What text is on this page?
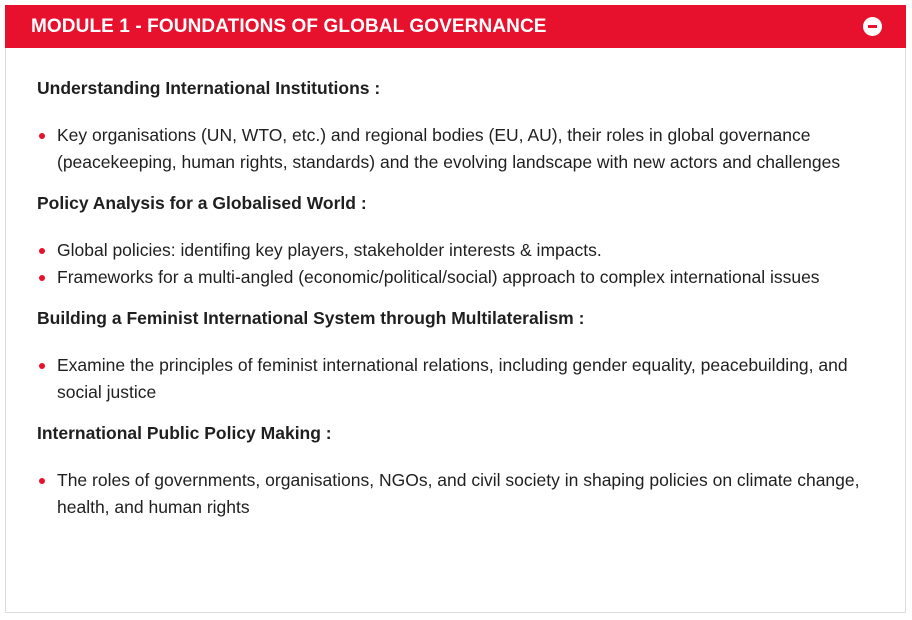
MODULE 1 - FOUNDATIONS OF GLOBAL GOVERNANCE

Understanding International Institutions :

Key organisations (UN, WTO, etc.) and regional bodies (EU, AU), their roles in global governance (peacekeeping, human rights, standards) and the evolving landscape with new actors and challenges

Policy Analysis for a Globalised World :

Global policies: identifing key players, stakeholder interests & impacts.
Frameworks for a multi-angled (economic/political/social) approach to complex international issues

Building a Feminist International System through Multilateralism :

Examine the principles of feminist international relations, including gender equality, peacebuilding, and social justice

International Public Policy Making :

The roles of governments, organisations, NGOs, and civil society in shaping policies on climate change, health, and human rights
